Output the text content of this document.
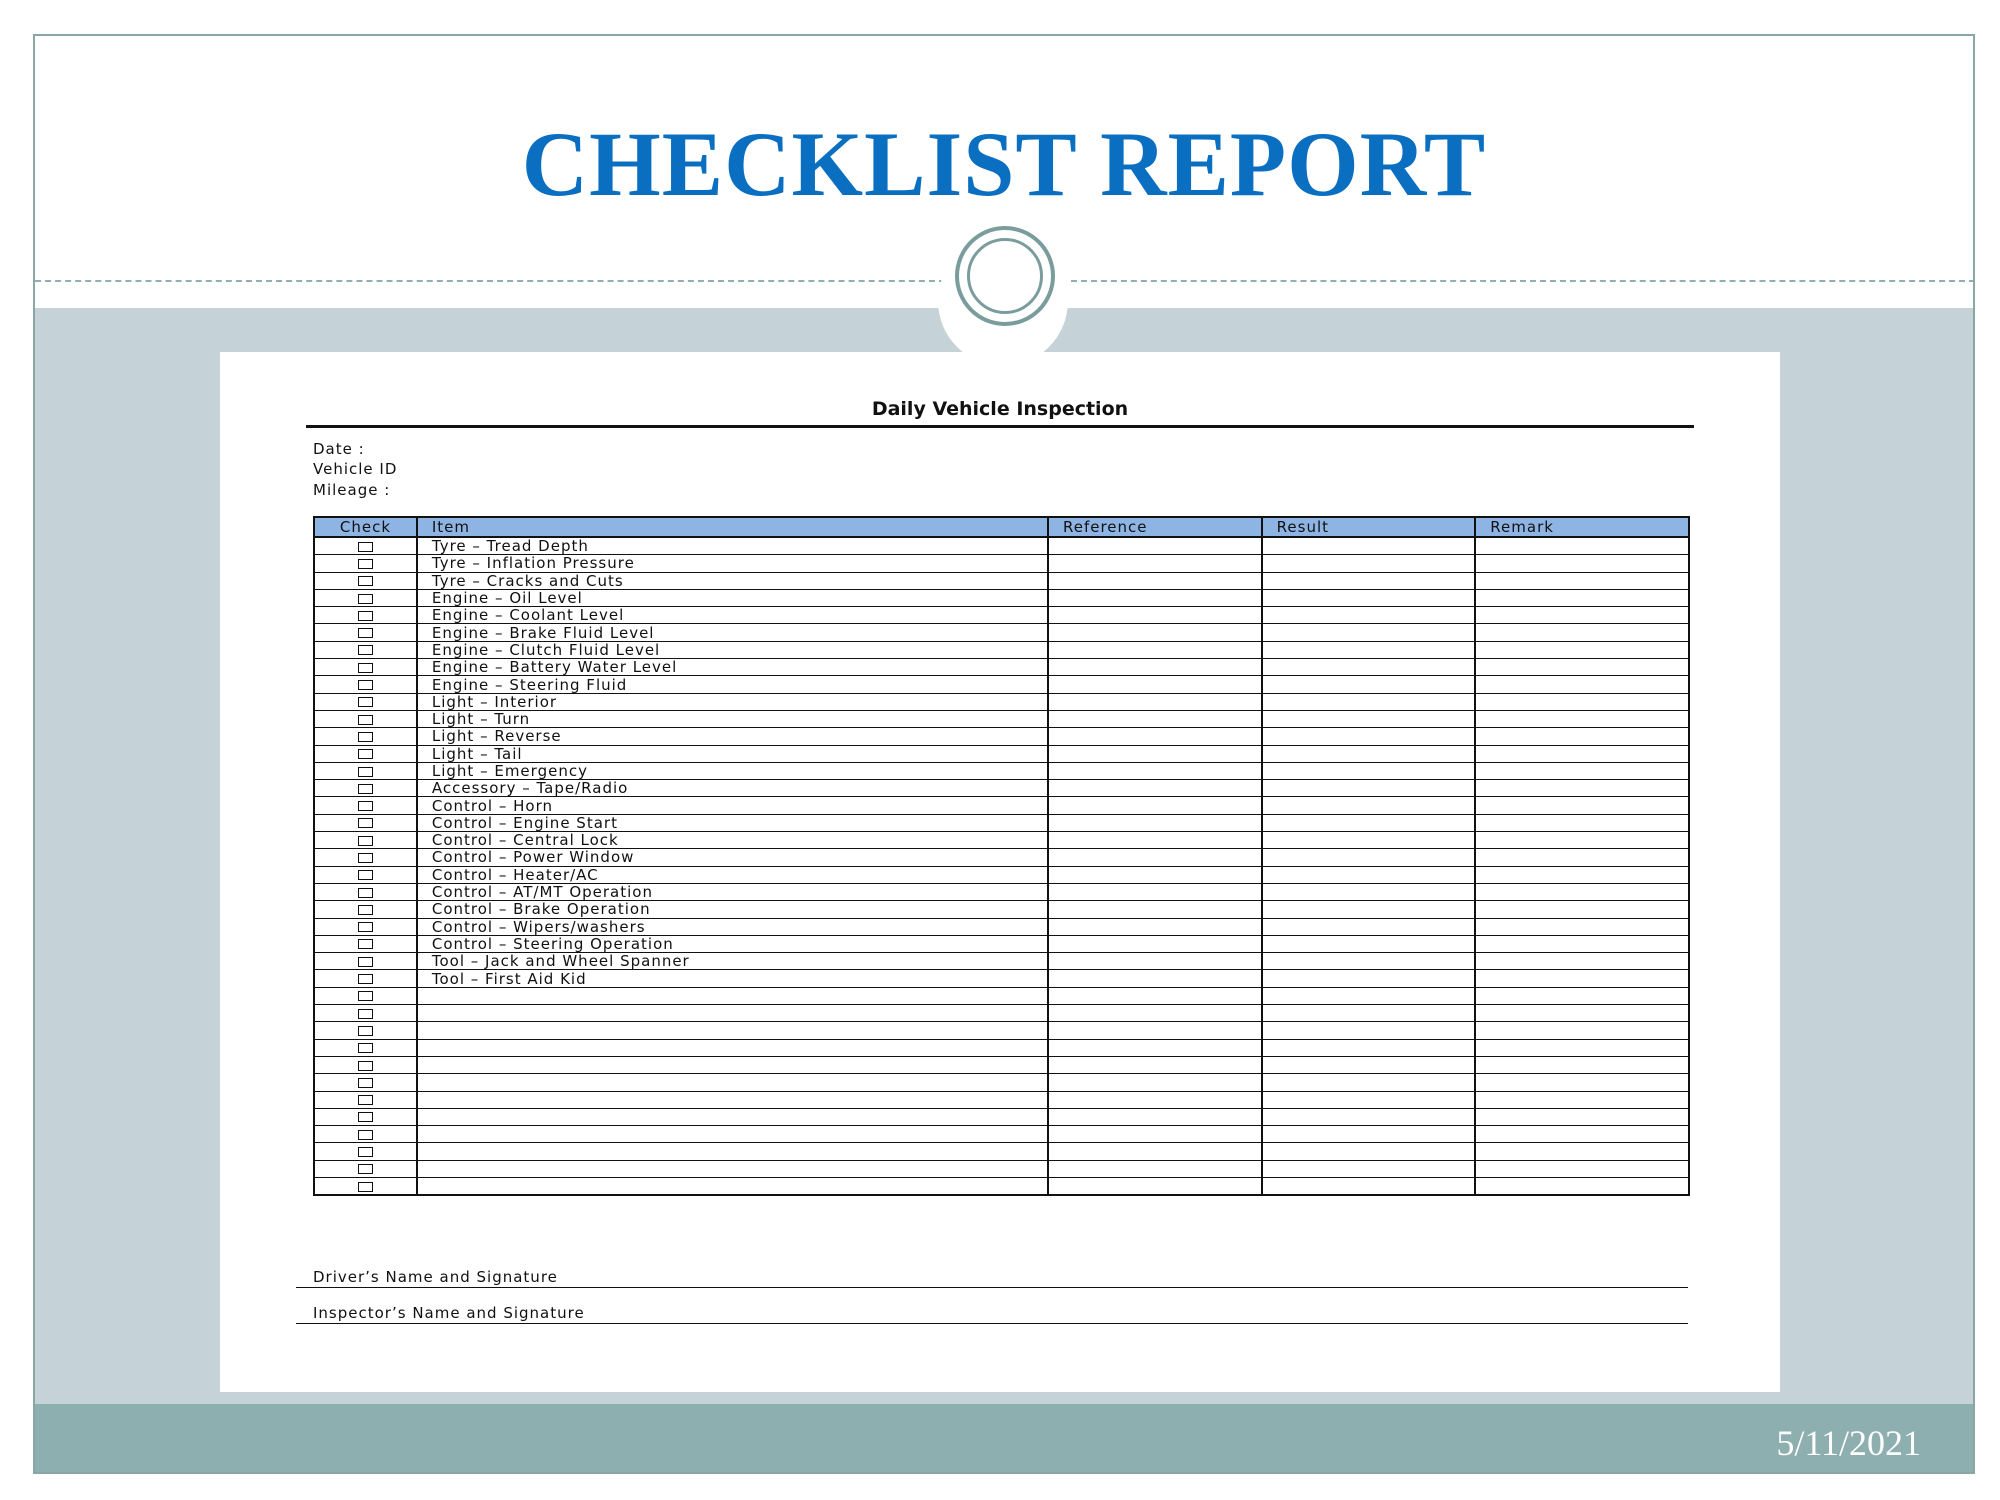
CHECKLIST REPORT
Daily Vehicle Inspection
Date :
Vehicle ID
Mileage :
Check	Item	Reference	Result	Remark
	Tyre – Tread Depth			
	Tyre – Inflation Pressure			
	Tyre – Cracks and Cuts			
	Engine – Oil Level			
	Engine – Coolant Level			
	Engine – Brake Fluid Level			
	Engine – Clutch Fluid Level			
	Engine – Battery Water Level			
	Engine – Steering Fluid			
	Light – Interior			
	Light – Turn			
	Light – Reverse			
	Light – Tail			
	Light – Emergency			
	Accessory – Tape/Radio			
	Control – Horn			
	Control – Engine Start			
	Control – Central Lock			
	Control – Power Window			
	Control – Heater/AC			
	Control – AT/MT Operation			
	Control – Brake Operation			
	Control – Wipers/washers			
	Control – Steering Operation			
	Tool – Jack and Wheel Spanner			
	Tool – First Aid Kid			

Driver’s Name and Signature
Inspector’s Name and Signature
5/11/2021
